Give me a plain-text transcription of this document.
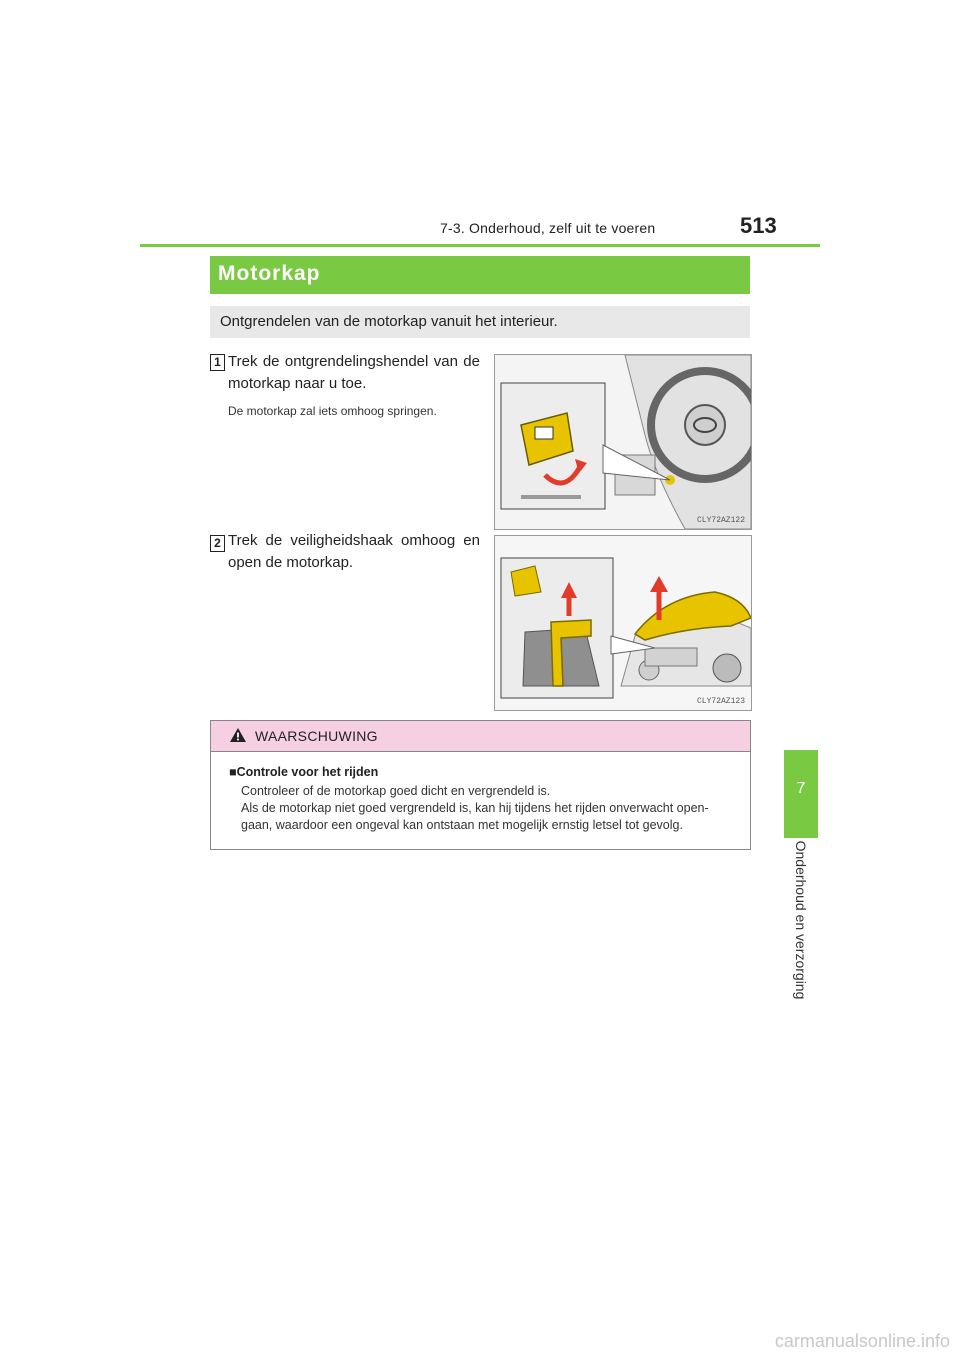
7-3. Onderhoud, zelf uit te voeren	513
7
Onderhoud en verzorging
Motorkap
Ontgrendelen van de motorkap vanuit het interieur.
1 Trek de ontgrendelingshendel van de motorkap naar u toe.
De motorkap zal iets omhoog springen.
CLY72AZ122
2 Trek de veiligheidshaak omhoog en open de motorkap.
CLY72AZ123
WAARSCHUWING
■Controle voor het rijden
Controleer of de motorkap goed dicht en vergrendeld is.
Als de motorkap niet goed vergrendeld is, kan hij tijdens het rijden onverwacht open-
gaan, waardoor een ongeval kan ontstaan met mogelijk ernstig letsel tot gevolg.
carmanualsonline.info
